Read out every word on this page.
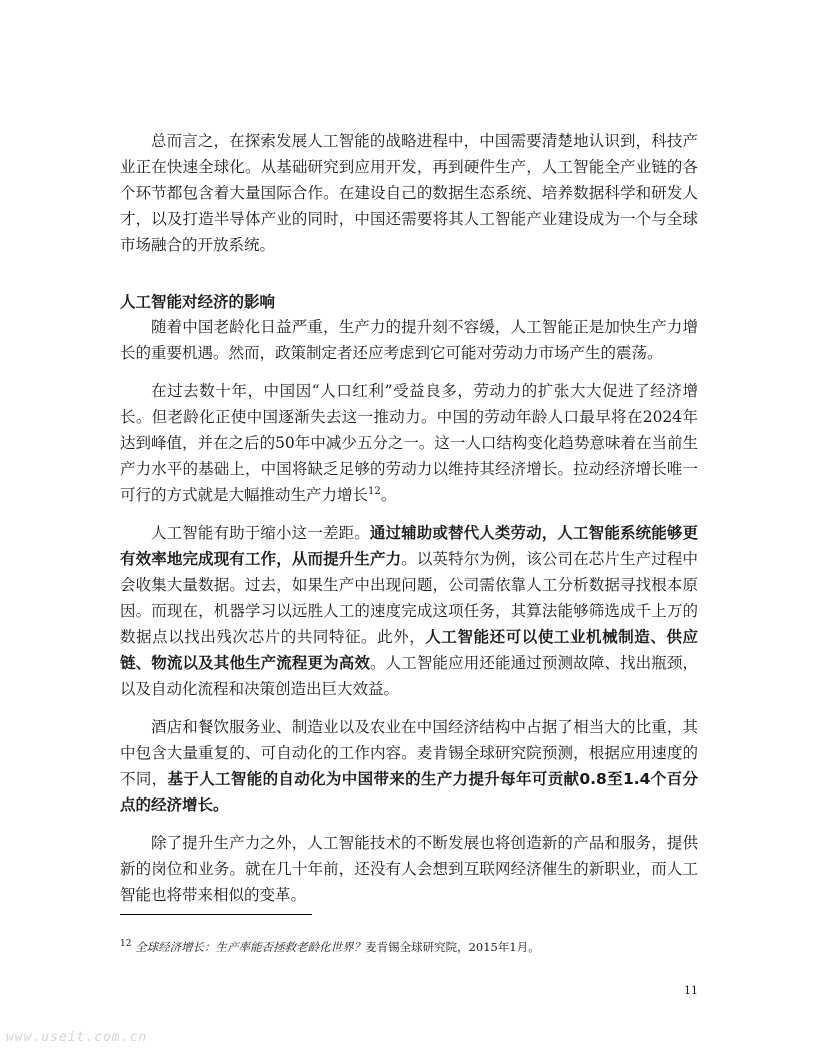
总而言之，在探索发展人工智能的战略进程中，中国需要清楚地认识到，科技产业正在快速全球化。从基础研究到应用开发，再到硬件生产，人工智能全产业链的各个环节都包含着大量国际合作。在建设自己的数据生态系统、培养数据科学和研发人才，以及打造半导体产业的同时，中国还需要将其人工智能产业建设成为一个与全球市场融合的开放系统。

人工智能对经济的影响

随着中国老龄化日益严重，生产力的提升刻不容缓，人工智能正是加快生产力增长的重要机遇。然而，政策制定者还应考虑到它可能对劳动力市场产生的震荡。

在过去数十年，中国因“人口红利”受益良多，劳动力的扩张大大促进了经济增长。但老龄化正使中国逐渐失去这一推动力。中国的劳动年龄人口最早将在2024年达到峰值，并在之后的50年中减少五分之一。这一人口结构变化趋势意味着在当前生产力水平的基础上，中国将缺乏足够的劳动力以维持其经济增长。拉动经济增长唯一可行的方式就是大幅推动生产力增长$^{12}$。

人工智能有助于缩小这一差距。通过辅助或替代人类劳动，人工智能系统能够更有效率地完成现有工作，从而提升生产力。以英特尔为例，该公司在芯片生产过程中会收集大量数据。过去，如果生产中出现问题，公司需依靠人工分析数据寻找根本原因。而现在，机器学习以远胜人工的速度完成这项任务，其算法能够筛选成千上万的数据点以找出残次芯片的共同特征。此外，人工智能还可以使工业机械制造、供应链、物流以及其他生产流程更为高效。人工智能应用还能通过预测故障、找出瓶颈，以及自动化流程和决策创造出巨大效益。

酒店和餐饮服务业、制造业以及农业在中国经济结构中占据了相当大的比重，其中包含大量重复的、可自动化的工作内容。麦肯锡全球研究院预测，根据应用速度的不同，基于人工智能的自动化为中国带来的生产力提升每年可贡献0.8至1.4个百分点的经济增长。

除了提升生产力之外，人工智能技术的不断发展也将创造新的产品和服务，提供新的岗位和业务。就在几十年前，还没有人会想到互联网经济催生的新职业，而人工智能也将带来相似的变革。

$^{12}$ 全球经济增长：生产率能否拯救老龄化世界？麦肯锡全球研究院，2015年1月。
11
www.useit.com.cn
